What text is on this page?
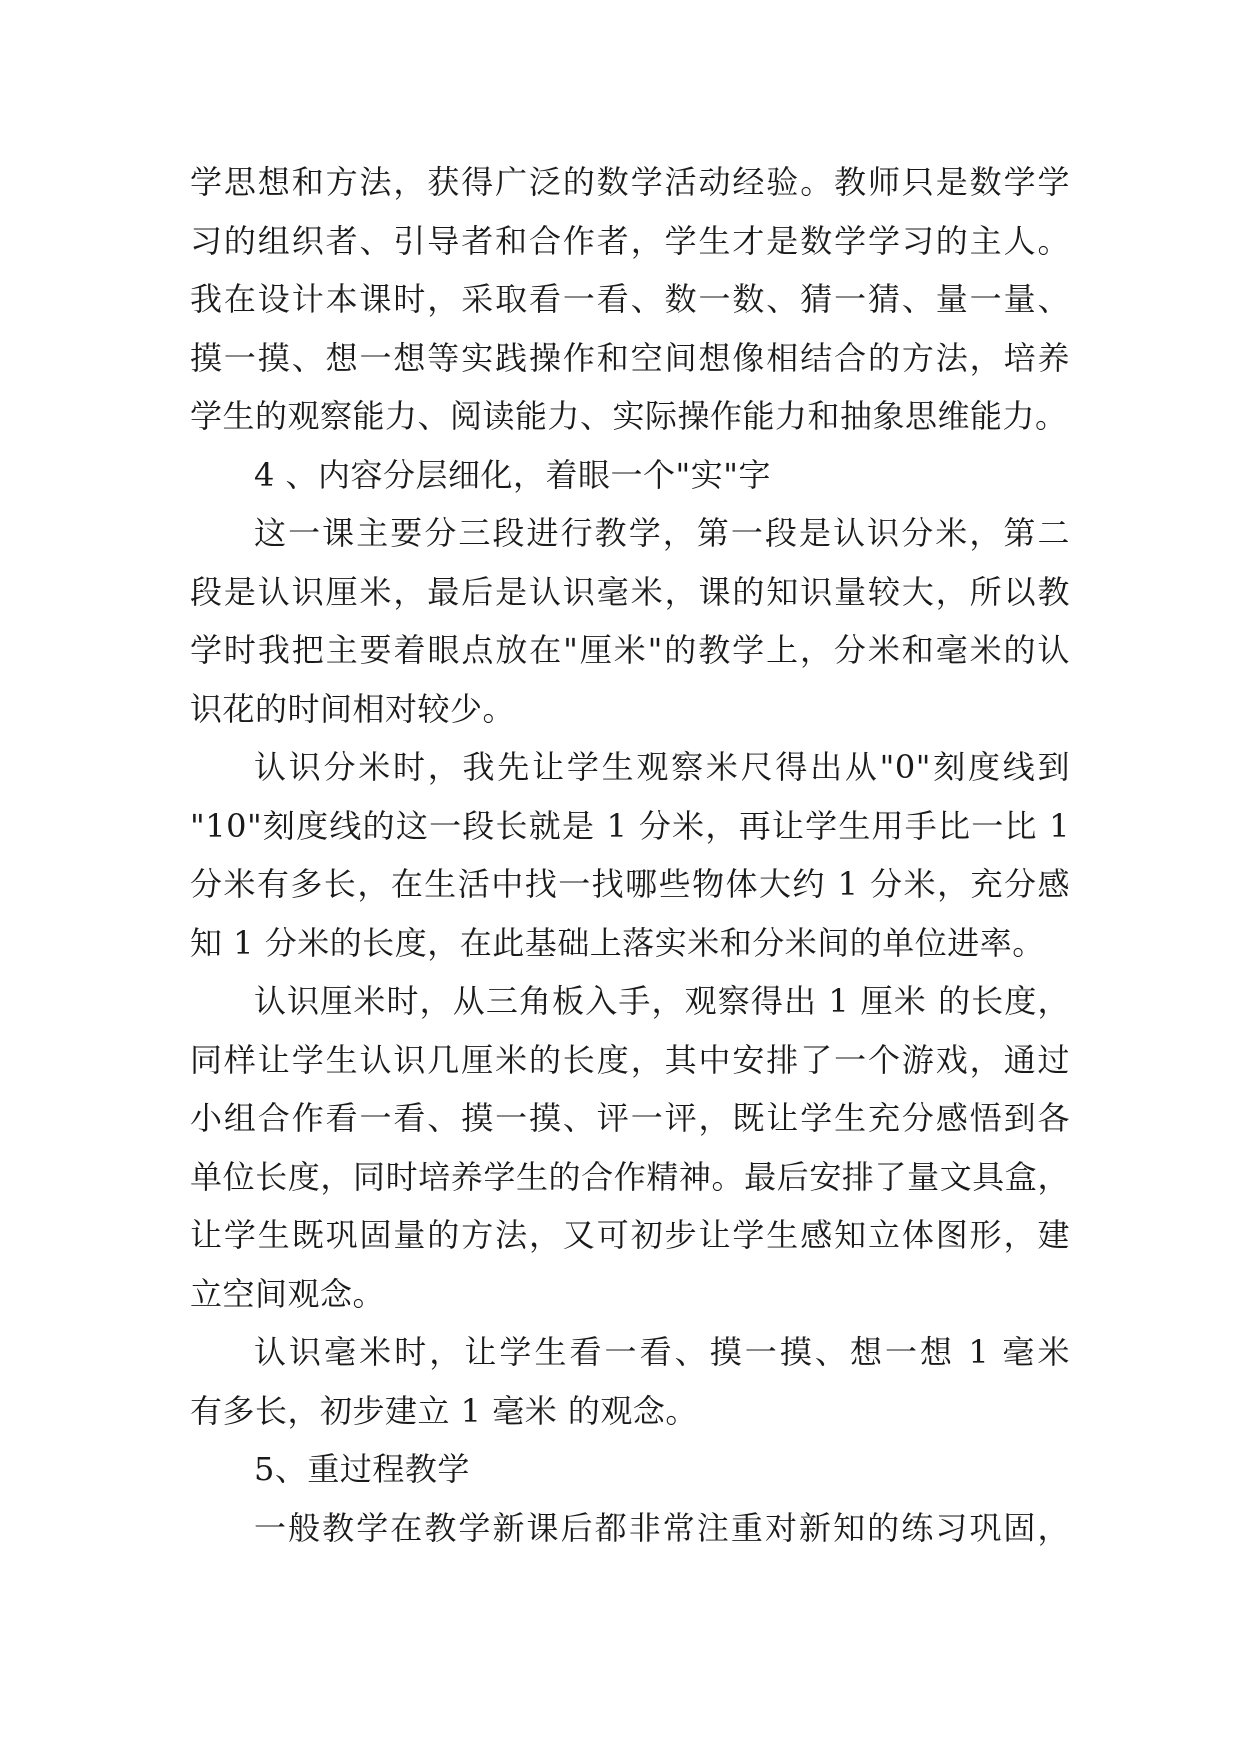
学思想和方法，获得广泛的数学活动经验。教师只是数学学
习的组织者、引导者和合作者，学生才是数学学习的主人。
我在设计本课时，采取看一看、数一数、猜一猜、量一量、
摸一摸、想一想等实践操作和空间想像相结合的方法，培养
学生的观察能力、阅读能力、实际操作能力和抽象思维能力。
4 、内容分层细化，着眼一个"实"字
这一课主要分三段进行教学，第一段是认识分米，第二
段是认识厘米，最后是认识毫米，课的知识量较大，所以教
学时我把主要着眼点放在"厘米"的教学上，分米和毫米的认
识花的时间相对较少。
认识分米时，我先让学生观察米尺得出从"0"刻度线到
"10"刻度线的这一段长就是 1 分米，再让学生用手比一比 1
分米有多长，在生活中找一找哪些物体大约 1 分米，充分感
知 1 分米的长度，在此基础上落实米和分米间的单位进率。
认识厘米时，从三角板入手，观察得出 1 厘米 的长度，
同样让学生认识几厘米的长度，其中安排了一个游戏，通过
小组合作看一看、摸一摸、评一评，既让学生充分感悟到各
单位长度，同时培养学生的合作精神。最后安排了量文具盒，
让学生既巩固量的方法，又可初步让学生感知立体图形，建
立空间观念。
认识毫米时，让学生看一看、摸一摸、想一想 1 毫米
有多长，初步建立 1 毫米 的观念。
5、重过程教学
一般教学在教学新课后都非常注重对新知的练习巩固，
